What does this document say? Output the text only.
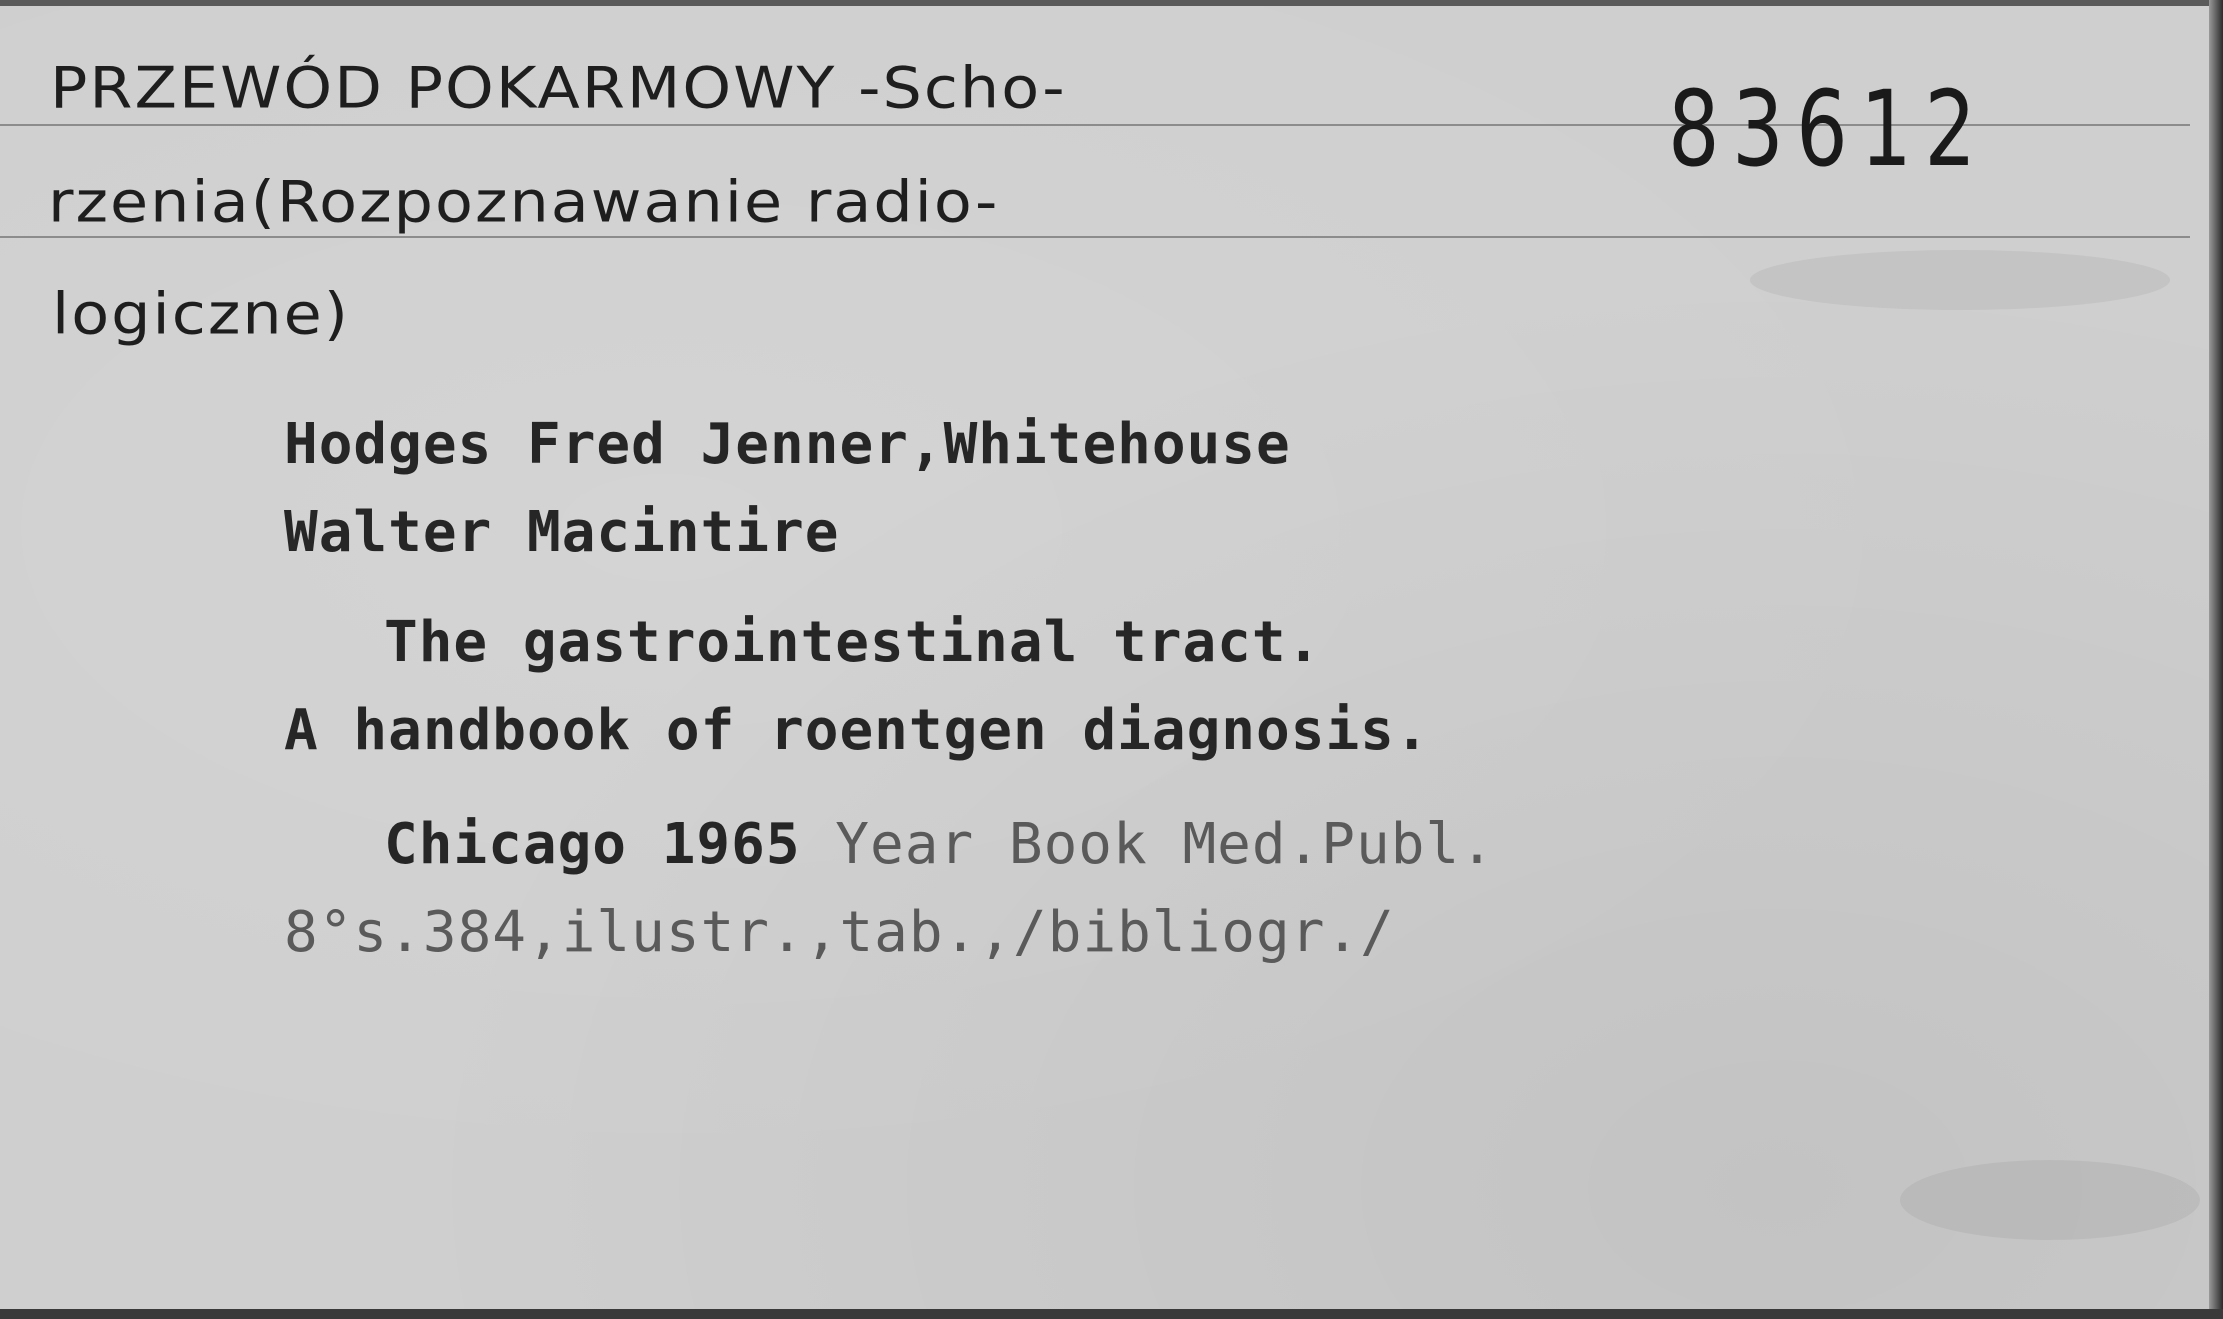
PRZEWÓD POKARMOWY -Scho-
rzenia(Rozpoznawanie radio-
logiczne)
83612
Hodges Fred Jenner,Whitehouse
Walter Macintire
The gastrointestinal tract.
A handbook of roentgen diagnosis.
Chicago 1965 Year Book Med.Publ.
8°s.384,ilustr.,tab.,/bibliogr./
